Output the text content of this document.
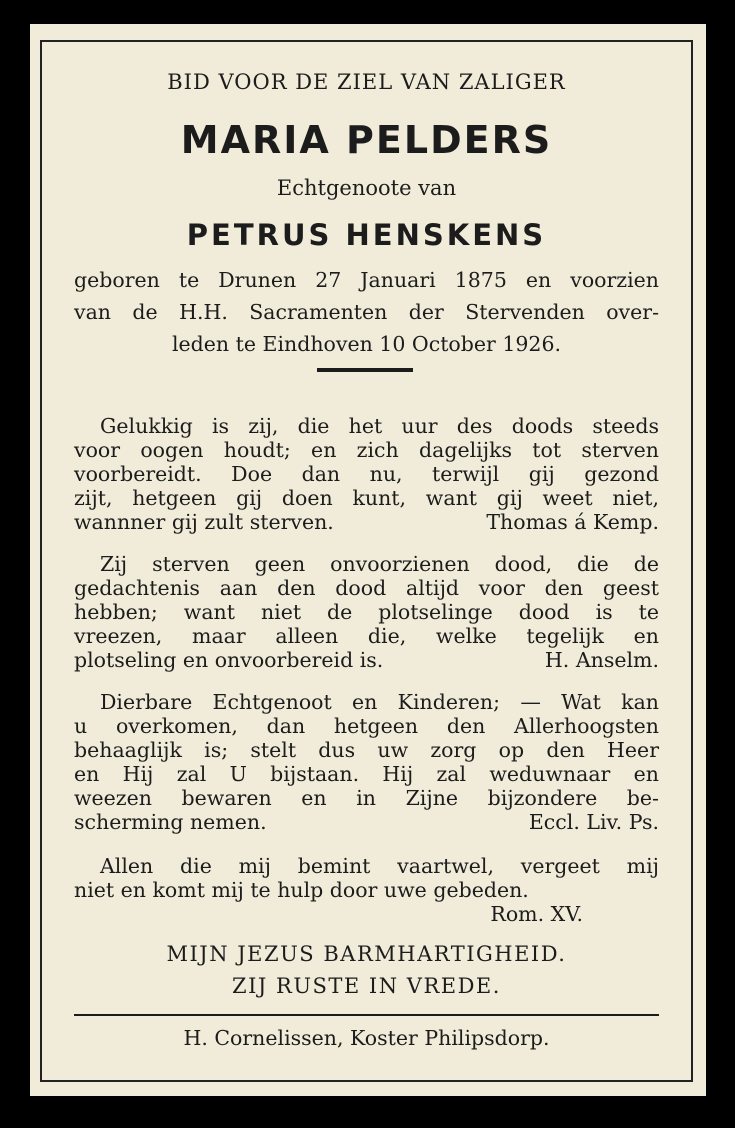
BID VOOR DE ZIEL VAN ZALIGER
MARIA PELDERS
Echtgenoote van
PETRUS HENSKENS
geboren te Drunen 27 Januari 1875 en voorzien
van de H.H. Sacramenten der Stervenden over-
leden te Eindhoven 10 October 1926.
Gelukkig is zij, die het uur des doods steeds
voor oogen houdt; en zich dagelijks tot sterven
voorbereidt. Doe dan nu, terwijl gij gezond
zijt, hetgeen gij doen kunt, want gij weet niet,
wannner gij zult sterven.	Thomas á Kemp.
Zij sterven geen onvoorzienen dood, die de
gedachtenis aan den dood altijd voor den geest
hebben; want niet de plotselinge dood is te
vreezen, maar alleen die, welke tegelijk en
plotseling en onvoorbereid is.	H. Anselm.
Dierbare Echtgenoot en Kinderen; — Wat kan
u overkomen, dan hetgeen den Allerhoogsten
behaaglijk is; stelt dus uw zorg op den Heer
en Hij zal U bijstaan. Hij zal weduwnaar en
weezen bewaren en in Zijne bijzondere be-
scherming nemen.	Eccl. Liv. Ps.
Allen die mij bemint vaartwel, vergeet mij
niet en komt mij te hulp door uwe gebeden.
Rom. XV.
MIJN JEZUS BARMHARTIGHEID.
ZIJ RUSTE IN VREDE.
H. Cornelissen, Koster Philipsdorp.
